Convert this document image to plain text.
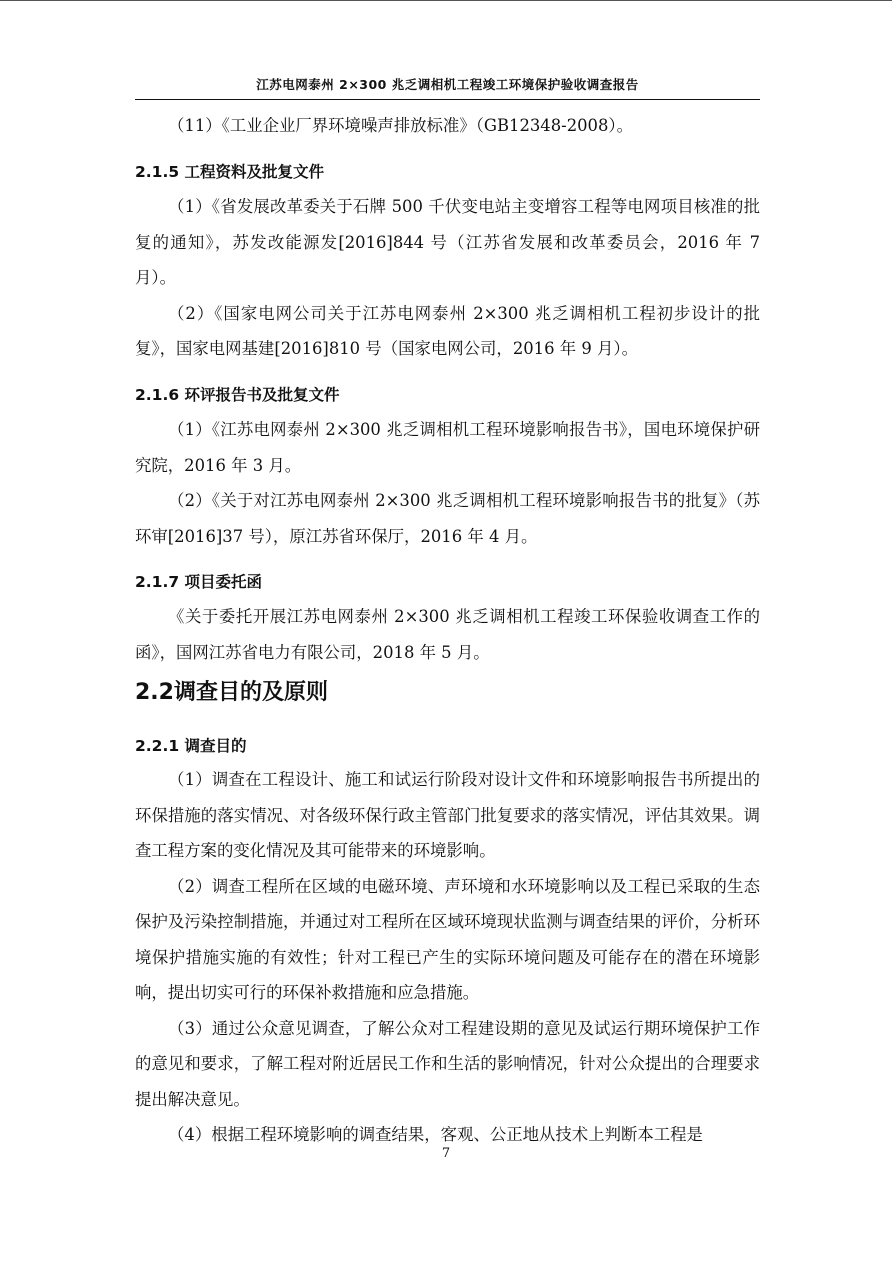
江苏电网泰州 2×300 兆乏调相机工程竣工环境保护验收调查报告

（11）《工业企业厂界环境噪声排放标准》（GB12348-2008）。

2.1.5 工程资料及批复文件

（1）《省发展改革委关于石牌 500 千伏变电站主变增容工程等电网项目核准的批复的通知》，苏发改能源发[2016]844 号（江苏省发展和改革委员会，2016 年 7 月）。

（2）《国家电网公司关于江苏电网泰州 2×300 兆乏调相机工程初步设计的批复》，国家电网基建[2016]810 号（国家电网公司，2016 年 9 月）。

2.1.6 环评报告书及批复文件

（1）《江苏电网泰州 2×300 兆乏调相机工程环境影响报告书》，国电环境保护研究院，2016 年 3 月。

（2）《关于对江苏电网泰州 2×300 兆乏调相机工程环境影响报告书的批复》（苏环审[2016]37 号），原江苏省环保厅，2016 年 4 月。

2.1.7 项目委托函

《关于委托开展江苏电网泰州 2×300 兆乏调相机工程竣工环保验收调查工作的函》，国网江苏省电力有限公司，2018 年 5 月。

2.2调查目的及原则

2.2.1 调查目的

（1）调查在工程设计、施工和试运行阶段对设计文件和环境影响报告书所提出的环保措施的落实情况、对各级环保行政主管部门批复要求的落实情况，评估其效果。调查工程方案的变化情况及其可能带来的环境影响。

（2）调查工程所在区域的电磁环境、声环境和水环境影响以及工程已采取的生态保护及污染控制措施，并通过对工程所在区域环境现状监测与调查结果的评价，分析环境保护措施实施的有效性；针对工程已产生的实际环境问题及可能存在的潜在环境影响，提出切实可行的环保补救措施和应急措施。

（3）通过公众意见调查，了解公众对工程建设期的意见及试运行期环境保护工作的意见和要求，了解工程对附近居民工作和生活的影响情况，针对公众提出的合理要求提出解决意见。

（4）根据工程环境影响的调查结果，客观、公正地从技术上判断本工程是

7
